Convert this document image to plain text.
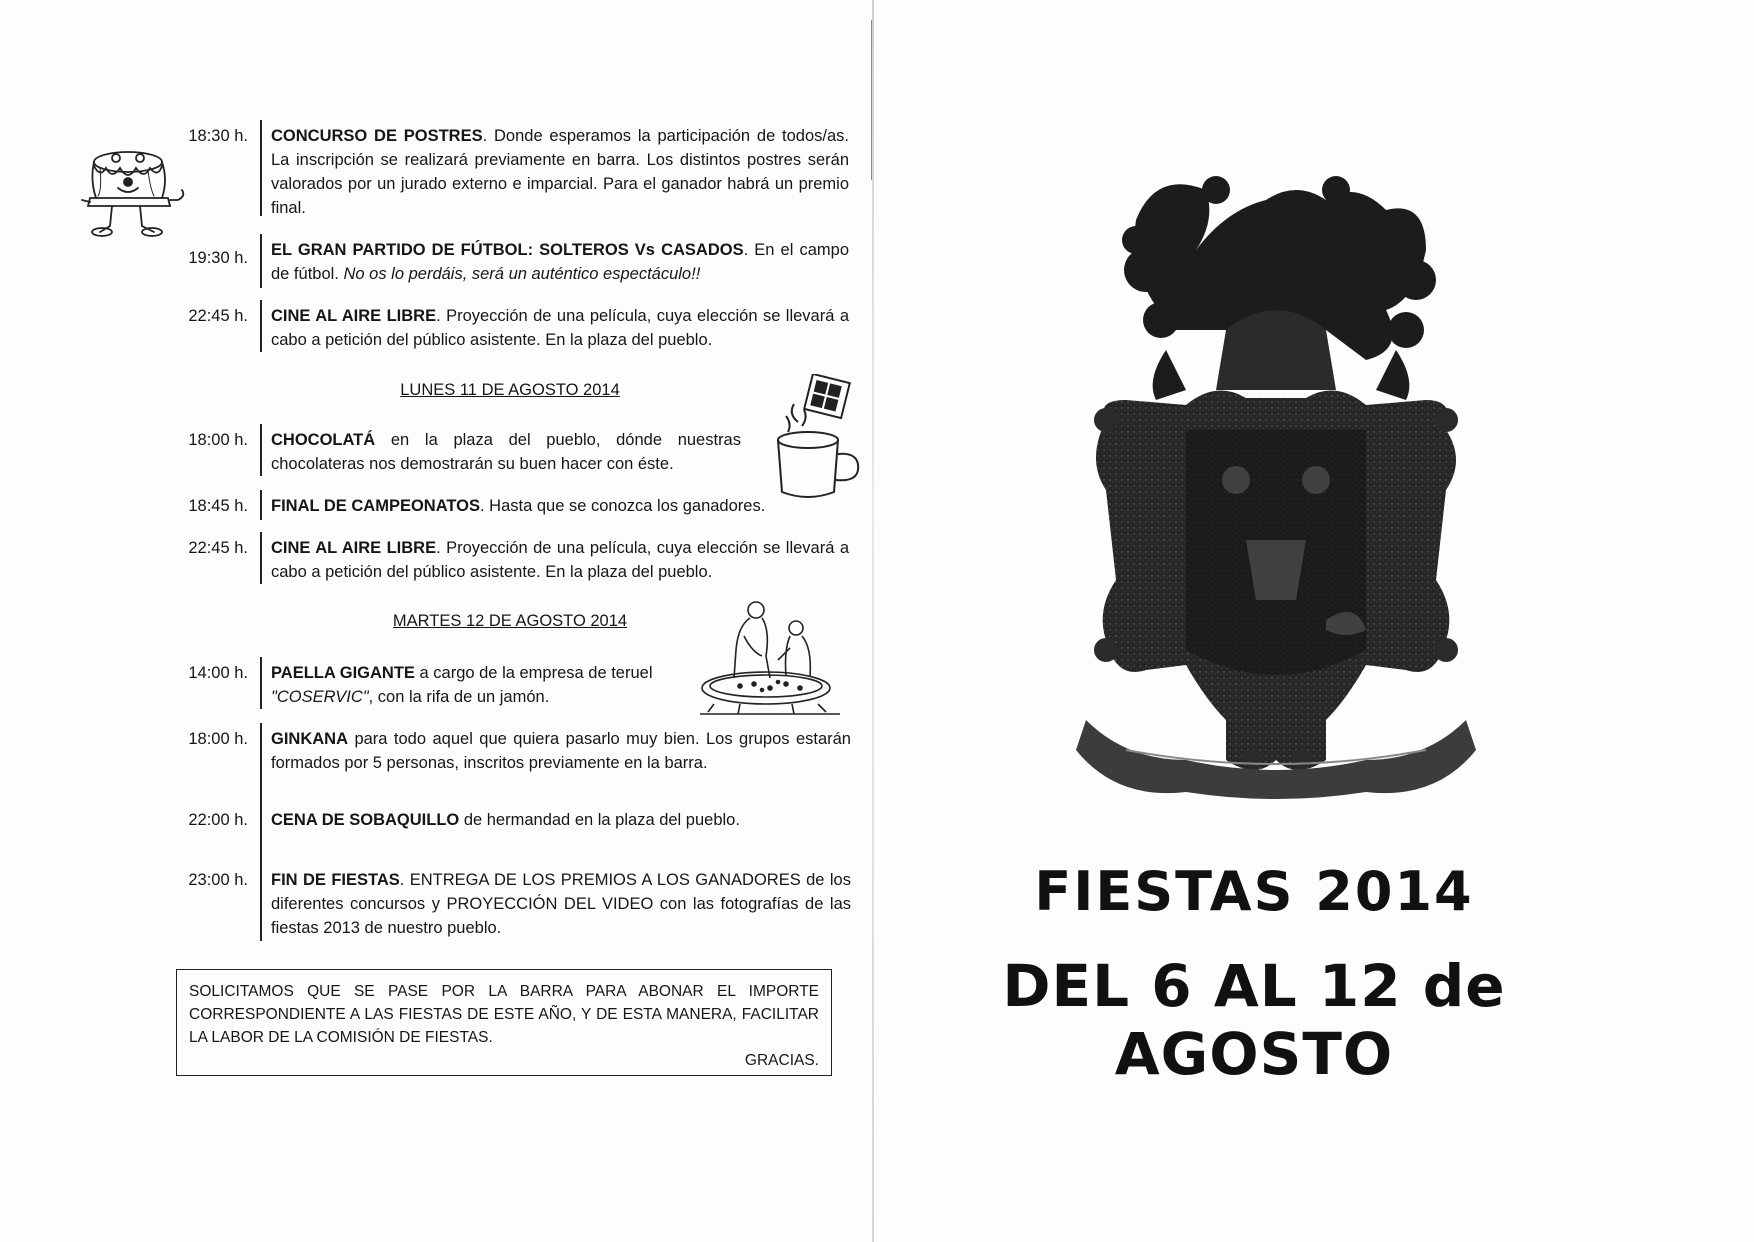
18:30 h. CONCURSO DE POSTRES. Donde esperamos la participación de todos/as. La inscripción se realizará previamente en barra. Los distintos postres serán valorados por un jurado externo e imparcial. Para el ganador habrá un premio final.
19:30 h. EL GRAN PARTIDO DE FÚTBOL: SOLTEROS Vs CASADOS. En el campo de fútbol. No os lo perdáis, será un auténtico espectáculo!!
22:45 h. CINE AL AIRE LIBRE. Proyección de una película, cuya elección se llevará a cabo a petición del público asistente. En la plaza del pueblo.
LUNES 11 DE AGOSTO 2014
18:00 h. CHOCOLATÁ en la plaza del pueblo, dónde nuestras chocolateras nos demostrarán su buen hacer con éste.
18:45 h. FINAL DE CAMPEONATOS. Hasta que se conozca los ganadores.
22:45 h. CINE AL AIRE LIBRE. Proyección de una película, cuya elección se llevará a cabo a petición del público asistente. En la plaza del pueblo.
MARTES 12 DE AGOSTO 2014
14:00 h. PAELLA GIGANTE a cargo de la empresa de teruel "COSERVIC", con la rifa de un jamón.
18:00 h. GINKANA para todo aquel que quiera pasarlo muy bien. Los grupos estarán formados por 5 personas, inscritos previamente en la barra.
22:00 h. CENA DE SOBAQUILLO de hermandad en la plaza del pueblo.
23:00 h. FIN DE FIESTAS. ENTREGA DE LOS PREMIOS A LOS GANADORES de los diferentes concursos y PROYECCIÓN DEL VIDEO con las fotografías de las fiestas 2013 de nuestro pueblo.
SOLICITAMOS QUE SE PASE POR LA BARRA PARA ABONAR EL IMPORTE CORRESPONDIENTE A LAS FIESTAS DE ESTE AÑO, Y DE ESTA MANERA, FACILITAR LA LABOR DE LA COMISIÓN DE FIESTAS.
GRACIAS.
FIESTAS 2014
DEL 6 AL 12 de AGOSTO
